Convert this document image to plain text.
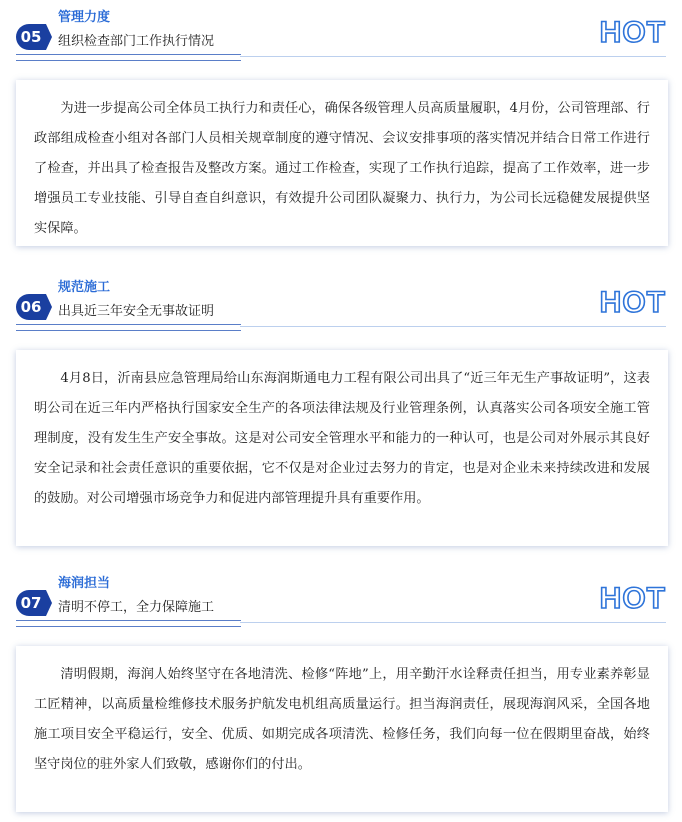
管理力度
05	组织检查部门工作执行情况	HOT

为进一步提高公司全体员工执行力和责任心，确保各级管理人员高质量履职，4月份，公司管理部、行政部组成检查小组对各部门人员相关规章制度的遵守情况、会议安排事项的落实情况并结合日常工作进行了检查，并出具了检查报告及整改方案。通过工作检查，实现了工作执行追踪，提高了工作效率，进一步增强员工专业技能、引导自查自纠意识，有效提升公司团队凝聚力、执行力，为公司长远稳健发展提供坚实保障。

规范施工
06	出具近三年安全无事故证明	HOT

4月8日，沂南县应急管理局给山东海润斯通电力工程有限公司出具了“近三年无生产事故证明”，这表明公司在近三年内严格执行国家安全生产的各项法律法规及行业管理条例，认真落实公司各项安全施工管理制度，没有发生生产安全事故。这是对公司安全管理水平和能力的一种认可，也是公司对外展示其良好安全记录和社会责任意识的重要依据，它不仅是对企业过去努力的肯定，也是对企业未来持续改进和发展的鼓励。对公司增强市场竞争力和促进内部管理提升具有重要作用。

海润担当
07	清明不停工，全力保障施工	HOT

清明假期，海润人始终坚守在各地清洗、检修“阵地”上，用辛勤汗水诠释责任担当，用专业素养彰显工匠精神，以高质量检维修技术服务护航发电机组高质量运行。担当海润责任，展现海润风采，全国各地施工项目安全平稳运行，安全、优质、如期完成各项清洗、检修任务，我们向每一位在假期里奋战，始终坚守岗位的驻外家人们致敬，感谢你们的付出。
